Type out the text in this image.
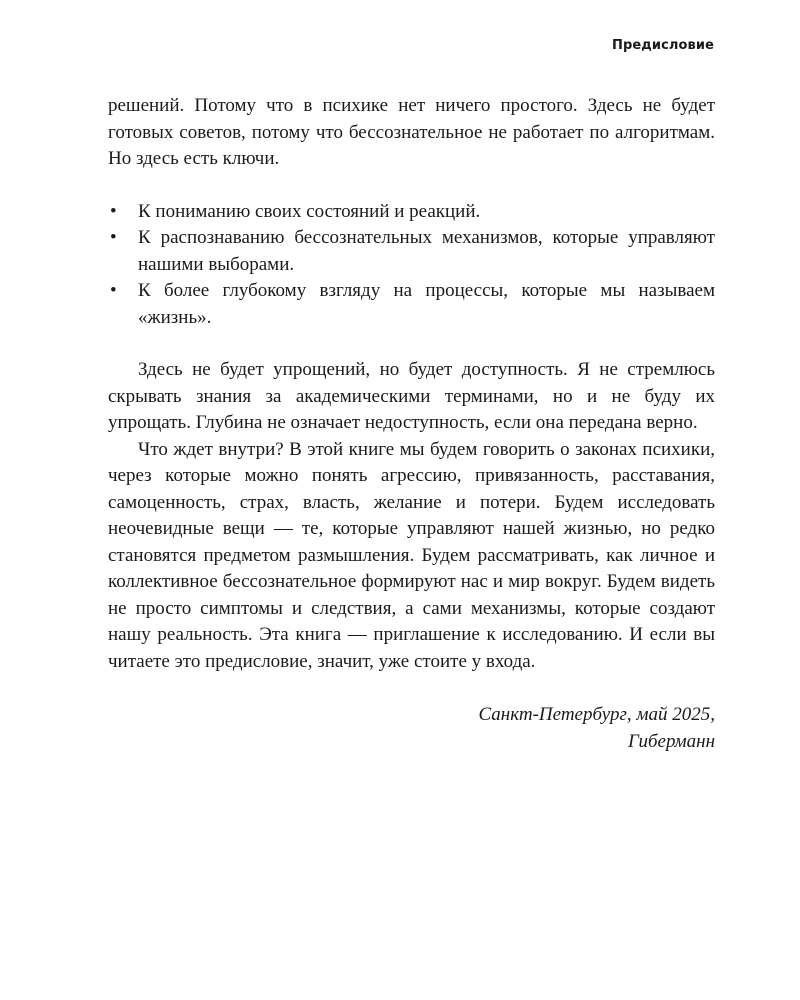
Предисловие

решений. Потому что в психике нет ничего простого. Здесь не будет готовых советов, потому что бессознательное не работает по алгоритмам. Но здесь есть ключи.

•	К пониманию своих состояний и реакций.
•	К распознаванию бессознательных механизмов, которые управляют нашими выборами.
•	К более глубокому взгляду на процессы, которые мы называем «жизнь».

Здесь не будет упрощений, но будет доступность. Я не стремлюсь скрывать знания за академическими терминами, но и не буду их упрощать. Глубина не означает недоступность, если она передана верно.

Что ждет внутри? В этой книге мы будем говорить о законах психики, через которые можно понять агрессию, привязанность, расставания, самоценность, страх, власть, желание и потери. Будем исследовать неочевидные вещи — те, которые управляют нашей жизнью, но редко становятся предметом размышления. Будем рассматривать, как личное и коллективное бессознательное формируют нас и мир вокруг. Будем видеть не просто симптомы и следствия, а сами механизмы, которые создают нашу реальность. Эта книга — приглашение к исследованию. И если вы читаете это предисловие, значит, уже стоите у входа.

Санкт-Петербург, май 2025,
Гиберманн
